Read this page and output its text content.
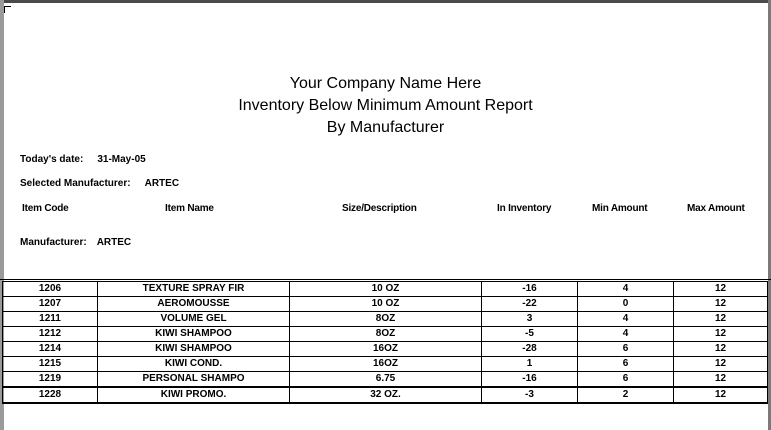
Your Company Name Here
Inventory Below Minimum Amount Report
By Manufacturer
Today's date: 31-May-05
Selected Manufacturer: ARTEC
Item Code	Item Name	Size/Description	In Inventory	Min Amount	Max Amount
Manufacturer: ARTEC
1206	TEXTURE SPRAY FIR	10 OZ	-16	4	12
1207	AEROMOUSSE	10 OZ	-22	0	12
1211	VOLUME GEL	8OZ	3	4	12
1212	KIWI SHAMPOO	8OZ	-5	4	12
1214	KIWI SHAMPOO	16OZ	-28	6	12
1215	KIWI COND.	16OZ	1	6	12
1219	PERSONAL SHAMPO	6.75	-16	6	12
1228	KIWI PROMO.	32 OZ.	-3	2	12
